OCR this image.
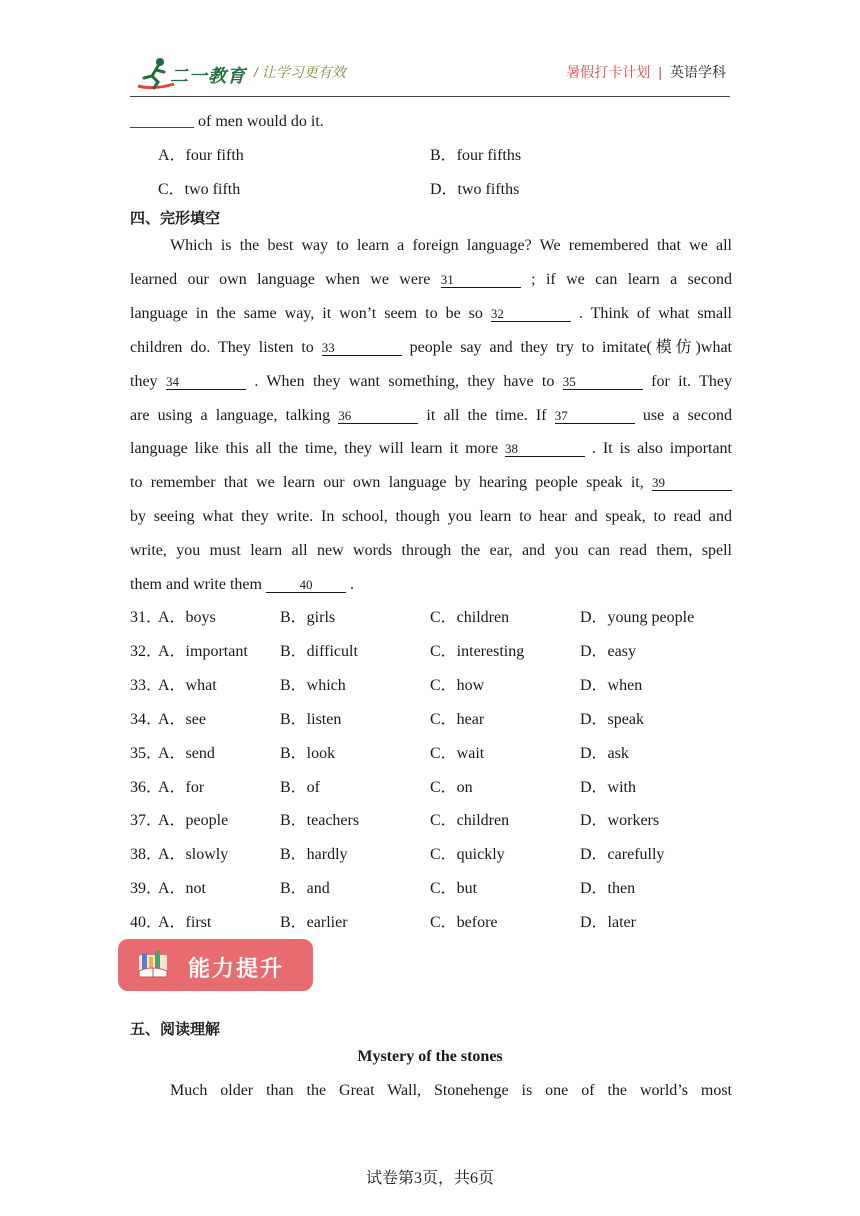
二一教育 / 让学习更有效	暑假打卡计划 | 英语学科
________ of men would do it.
A．four fifth	B．four fifths
C．two fifth	D．two fifths
四、完形填空
Which is the best way to learn a foreign language? We remembered that we all
learned our own language when we were 31	; if we can learn a second
language in the same way, it won’t seem to be so 32	. Think of what small
children do. They listen to 33	people say and they try to imitate(模仿)what
they 34	. When they want something, they have to 35	for it. They
are using a language, talking 36	it all the time. If 37	use a second
language like this all the time, they will learn it more 38	. It is also important
to remember that we learn our own language by hearing people speak it, 39
by seeing what they write. In school, though you learn to hear and speak, to read and
write, you must learn all new words through the ear, and you can read them, spell
them and write them	40 .
31．
A．boys	B．girls	C．children	D．young people
32．
A．important B．difficult	C．interesting	D．easy
33．
A．what	B．which	C．how	D．when
34．
A．see	B．listen	C．hear	D．speak
35．
A．send	B．look	C．wait	D．ask
36．
A．for	B．of	C．on	D．with
37．
A．people	B．teachers	C．children	D．workers
38．
A．slowly	B．hardly	C．quickly	D．carefully
39．
A．not	B．and	C．but	D．then
40．
A．first	B．earlier	C．before	D．later
能力提升
五、阅读理解
Mystery of the stones
Much older than the Great Wall, Stonehenge is one of the world’s most
试卷第3页，共6页
